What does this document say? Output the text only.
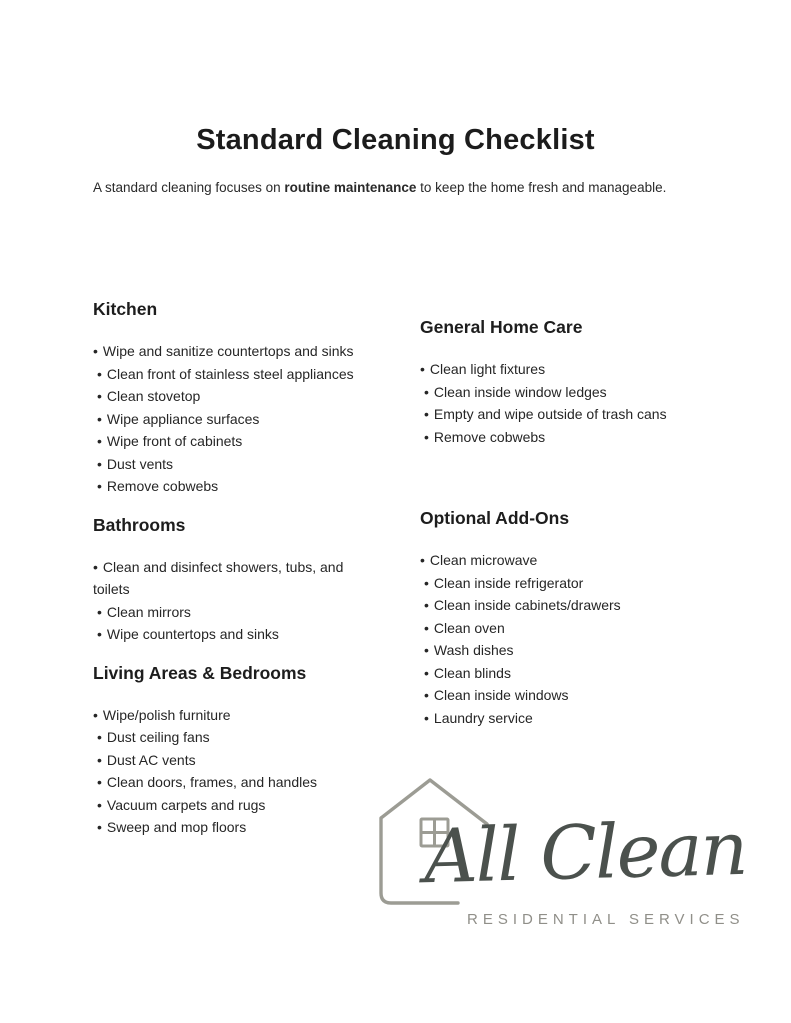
Standard Cleaning Checklist

A standard cleaning focuses on routine maintenance to keep the home fresh and manageable.

Kitchen
• Wipe and sanitize countertops and sinks
• Clean front of stainless steel appliances
• Clean stovetop
• Wipe appliance surfaces
• Wipe front of cabinets
• Dust vents
• Remove cobwebs
Bathrooms
• Clean and disinfect showers, tubs, and toilets
• Clean mirrors
• Wipe countertops and sinks
Living Areas & Bedrooms
• Wipe/polish furniture
• Dust ceiling fans
• Dust AC vents
• Clean doors, frames, and handles
• Vacuum carpets and rugs
• Sweep and mop floors
General Home Care
• Clean light fixtures
• Clean inside window ledges
• Empty and wipe outside of trash cans
• Remove cobwebs
Optional Add-Ons
• Clean microwave
• Clean inside refrigerator
• Clean inside cabinets/drawers
• Clean oven
• Wash dishes
• Clean blinds
• Clean inside windows
• Laundry service
All Clean
RESIDENTIAL SERVICES
